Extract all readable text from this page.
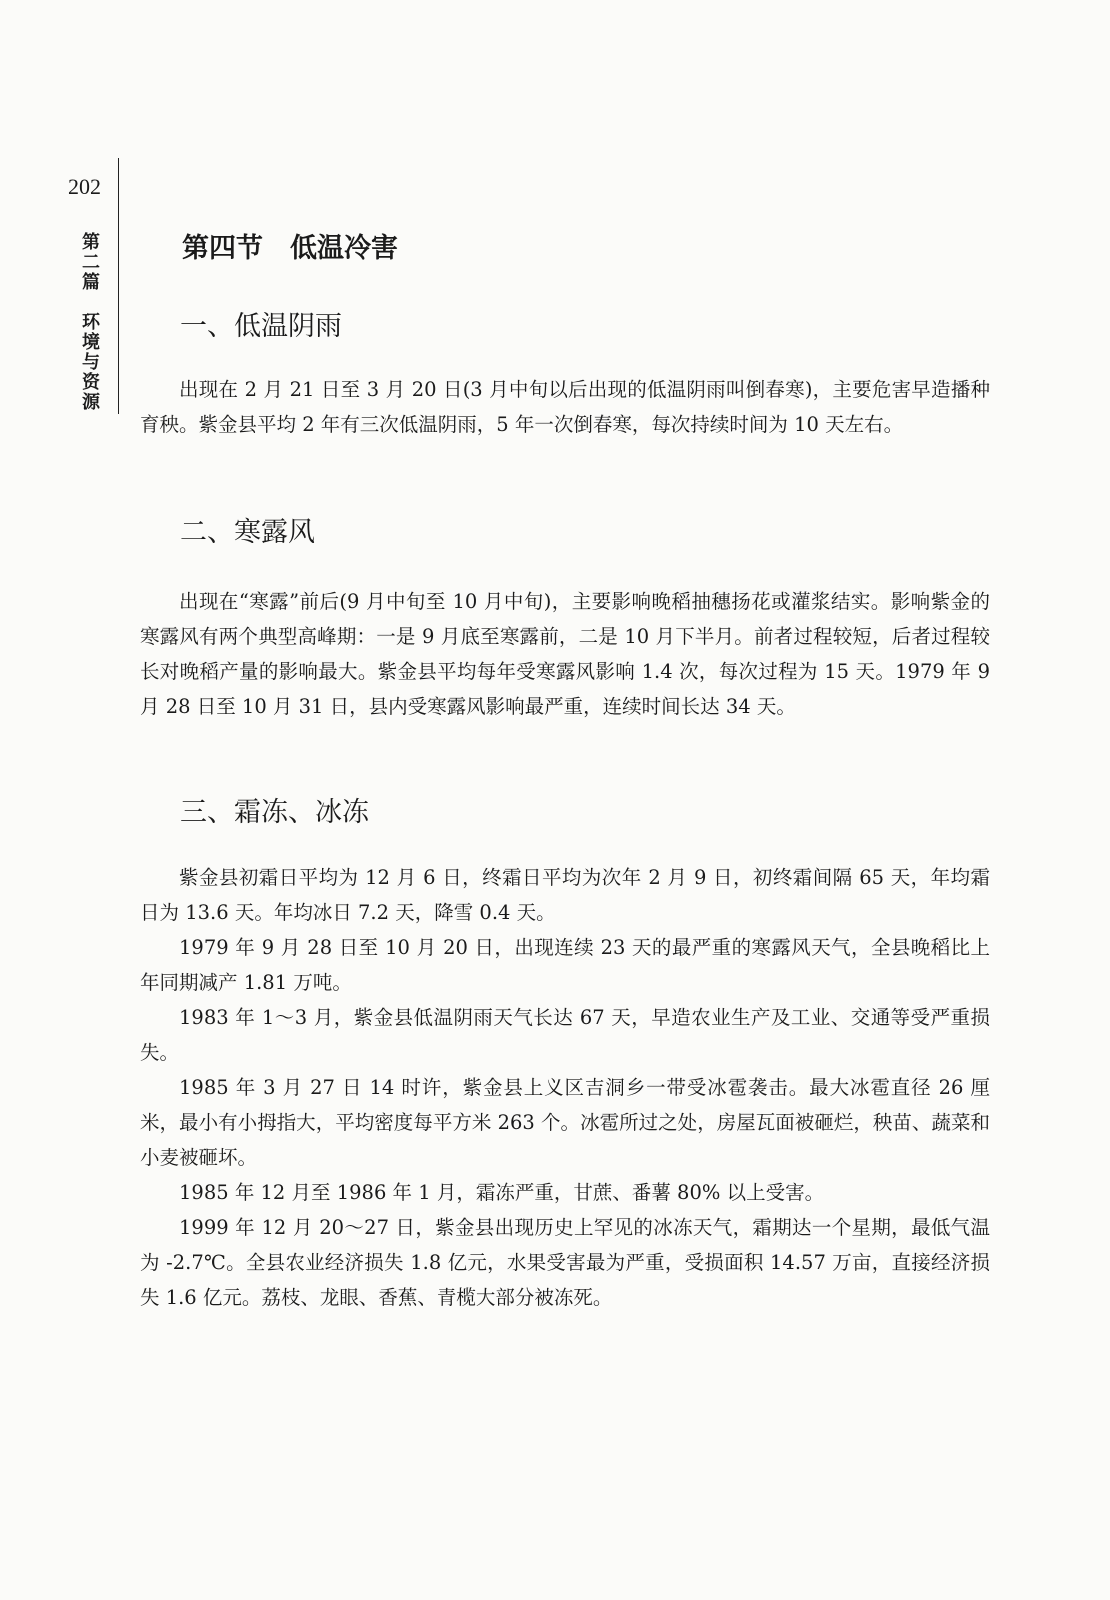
202
第二篇　环境与资源	第四节　低温冷害
一、低温阴雨

出现在 2 月 21 日至 3 月 20 日(3 月中旬以后出现的低温阴雨叫倒春寒)，主要危害早造播种育秧。紫金县平均 2 年有三次低温阴雨，5 年一次倒春寒，每次持续时间为 10 天左右。

二、寒露风

出现在“寒露”前后(9 月中旬至 10 月中旬)，主要影响晚稻抽穗扬花或灌浆结实。影响紫金的寒露风有两个典型高峰期：一是 9 月底至寒露前，二是 10 月下半月。前者过程较短，后者过程较长对晚稻产量的影响最大。紫金县平均每年受寒露风影响 1.4 次，每次过程为 15 天。1979 年 9 月 28 日至 10 月 31 日，县内受寒露风影响最严重，连续时间长达 34 天。

三、霜冻、冰冻

紫金县初霜日平均为 12 月 6 日，终霜日平均为次年 2 月 9 日，初终霜间隔 65 天，年均霜日为 13.6 天。年均冰日 7.2 天，降雪 0.4 天。

1979 年 9 月 28 日至 10 月 20 日，出现连续 23 天的最严重的寒露风天气，全县晚稻比上年同期减产 1.81 万吨。

1983 年 1～3 月，紫金县低温阴雨天气长达 67 天，早造农业生产及工业、交通等受严重损失。

1985 年 3 月 27 日 14 时许，紫金县上义区吉洞乡一带受冰雹袭击。最大冰雹直径 26 厘米，最小有小拇指大，平均密度每平方米 263 个。冰雹所过之处，房屋瓦面被砸烂，秧苗、蔬菜和小麦被砸坏。

1985 年 12 月至 1986 年 1 月，霜冻严重，甘蔗、番薯 80% 以上受害。

1999 年 12 月 20～27 日，紫金县出现历史上罕见的冰冻天气，霜期达一个星期，最低气温为 -2.7℃。全县农业经济损失 1.8 亿元，水果受害最为严重，受损面积 14.57 万亩，直接经济损失 1.6 亿元。荔枝、龙眼、香蕉、青榄大部分被冻死。
